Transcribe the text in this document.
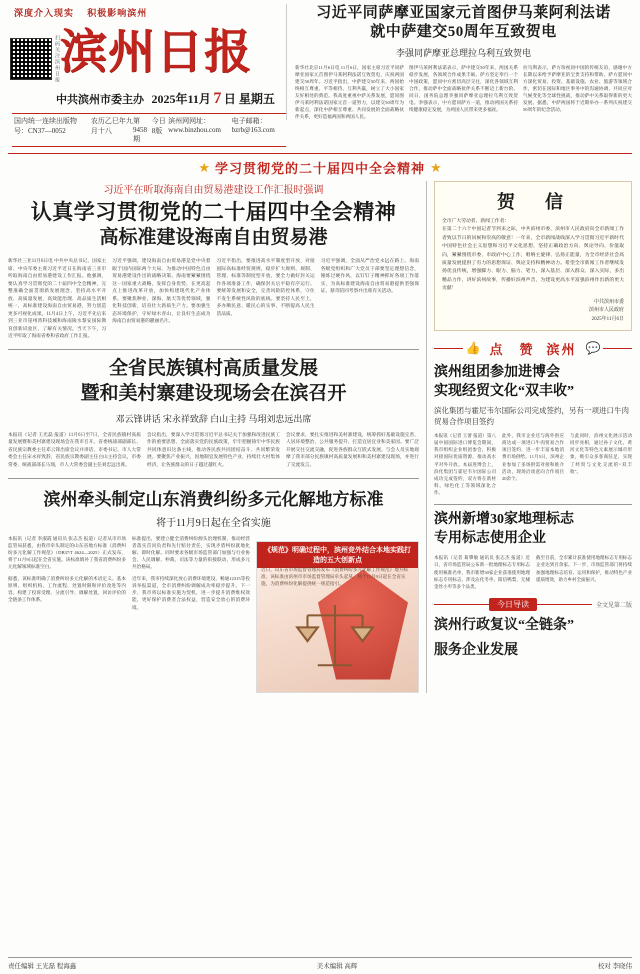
深度介入现实 积极影响滨州
扫码关注滨州日报 滨州日报
中共滨州市委主办 2025年11月 7 日 星期五
国内统一连续出版物号：CN37—0052
农历乙巳年九月十八
第9458期
今日8版
滨州网网址：www.binzhou.com
电子邮箱：bzrb@163.com
习近平同萨摩亚国家元首图伊马莱阿利法诺
就中萨建交50周年互致贺电
李强同萨摩亚总理拉乌利互致贺电
新华社北京11月6日电 11月6日，国家主席习近平同萨摩亚国家元首图伊马莱阿利法诺互致贺电，庆祝两国建交50周年。习近平指出，中萨建交50年来，两国始终相互尊重、平等相待、互利共赢，树立了大小国家友好相处的典范。我高度重视中萨关系发展，愿同图伊马莱阿利法诺国家元首一道努力，以建交50周年为新起点，深化中萨相互尊重、共同发展的全面战略伙伴关系，更好造福两国和两国人民。
图伊马莱阿利法诺表示，萨中建交50年来，两国关系稳步发展，各领域合作成果丰硕。萨方坚定奉行一个中国政策，愿同中方密切高层交往，深化各领域互利合作，推动萨中全面战略伙伴关系不断迈上新台阶。同日，国务院总理李强同萨摩亚总理拉乌利互致贺电。李强表示，中方愿同萨方一道，推动两国关系持续健康稳定发展，为两国人民带来更多福祉。
拉乌利表示，萨方珍视同中国的传统友谊，感谢中方长期以来给予萨摩亚的宝贵支持和帮助。萨方愿同中方深化贸易、投资、基础设施、农业、旅游等领域合作，密切在国际和地区事务中的沟通协调，共同应对气候变化等全球性挑战，推动萨中关系取得新的更大发展。据悉，中萨两国将于近期举办一系列庆祝建交50周年的纪念活动。
★ 学习贯彻党的二十届四中全会精神 ★
习近平在听取海南自由贸易港建设工作汇报时强调
认真学习贯彻党的二十届四中全会精神
高标准建设海南自由贸易港
新华社三亚11月6日电 中共中央总书记、国家主席、中央军委主席习近平近日在海南省三亚市听取海南自由贸易港建设工作汇报。他强调，要认真学习贯彻党的二十届四中全会精神，完整准确全面贯彻新发展理念，坚持高水平开放、高质量发展、高效能治理、高品质生活相统一，高标准建设海南自由贸易港，努力创造更多可视化成果。11月4日上午，习近平先后来到三亚市崖州湾科技城和海南陵水黎安国际教育创新试验区，了解有关情况。当天下午，习近平听取了海南省委和省政府工作汇报。
习近平强调，建设海南自由贸易港是党中央着眼于国内国际两个大局、为推动中国特色自由贸易港建设作出的战略决策。海南要紧紧围绕这一国家重大战略，发挥自身优势，在更高起点上推进改革开放，加快构建现代化产业体系。要聚焦种业、深海、航天等优势领域，强化科技创新，培育壮大新质生产力。要加强生态环境保护，守好绿水青山，让良好生态成为海南自由贸易港的靓丽名片。
习近平指出，要推进高水平制度型开放，对接国际高标准经贸规则，稳步扩大规则、规制、管理、标准等制度型开放。要全力做好封关运作各项准备工作，确保封关后平稳有序运行。要统筹发展和安全，完善风险防控体系，守住不发生系统性风险的底线。要坚持人民至上，多办顺民意、暖民心的实事，不断提高人民生活品质。
习近平强调，全面从严治党永远在路上。海南各级党组织和广大党员干部要坚定理想信念，锤炼过硬作风，以钉钉子精神抓好各项工作落实，为高标准建设海南自由贸易港提供坚强保证。蔡奇陪同考察并出席有关活动。
全省民族镇村高质量发展
暨和美村寨建设现场会在滨召开
邓云锋讲话 宋永祥致辞 白山主持 马珝刘忠远出席
本报讯（记者 王光磊 报道）11月6日至7日，全省民族镇村高质量发展暨和美村寨建设现场会在我市召开。省委统战部副部长、省民族宗教委主任邓云锋出席会议并讲话，市委书记、市人大常委会主任宋永祥致辞，省民族宗教委副主任白山主持会议，市委常委、统战部部长马珝，市人大常委会副主任刘忠远出席。
会议指出，要深入学习贯彻习近平总书记关于加强和改进民族工作的重要思想，全面落实党的民族政策，牢牢把握铸牢中华民族共同体意识这条主线，推动各民族共同团结奋斗、共同繁荣发展。要聚焦产业振兴，因地制宜发展特色产业，持续壮大村集体经济，让各族群众的日子越过越红火。
会议要求，要扎实推进和美村寨建设，统筹抓好基础设施完善、人居环境整治、公共服务提升，打造宜居宜业和美家园。要广泛开展交往交流交融，促进各族群众互嵌式发展。与会人员实地观摩了我市部分民族镇村高质量发展和和美村寨建设现场，并进行了交流发言。
滨州牵头制定山东消费纠纷多元化解地方标准
将于11月9日起在全省实施
本报讯（记者 李淑霞 通讯员 张志杰 报道）记者从市市场监管局获悉，由我市牵头制定的山东省地方标准《消费纠纷多元化解工作规范》（DB37/T 4624—2025）正式发布，将于11月9日起在全省实施。该标准填补了我省消费纠纷多元化解领域标准空白。
据悉，该标准明确了消费纠纷多元化解的术语定义、基本原则、组织机构、工作流程、处置时限和评价改进等内容，构建了投诉受理、分流引导、调解处置、回访评价的全链条工作体系。
标准提出，要建立健全消费纠纷源头治理机制，推动经营者落实首问负责和先行赔付责任，实现矛盾纠纷就地化解、即时化解。同时要求各级市场监管部门加强与行业协会、人民调解、仲裁、司法等力量的衔接联动，形成多元共治格局。
近年来，我市持续深化放心消费环境建设，畅通12315等投诉举报渠道，全市消费纠纷调解成功率稳步提升。下一步，我市将以标准实施为契机，进一步提升消费维权效能，更好保护消费者合法权益，营造安全放心的消费环境。
《规范》明确过程中，滨州竞外结合本地实践打造的五大创新点
近日，山东省市场监督管理局发布《消费纠纷多元化解工作规范》地方标准，该标准由滨州市市场监督管理局牵头起草，将于11月9日起在全省实施，为消费纠纷化解提供统一规范指引。
贺　信
全市广大劳动者、新闻工作者：
在第二十六个中国记者节到来之际，中共滨州市委、滨州市人民政府向全市新闻工作者致以节日的问候和崇高的敬意！一年来，全市新闻战线深入学习贯彻习近平新时代中国特色社会主义思想和习近平文化思想，坚持正确政治方向、舆论导向、价值取向，紧紧围绕市委、市政府中心工作，唱响主旋律、弘扬正能量，为全市经济社会高质量发展提供了有力的思想保证、舆论支持和精神动力。希望全市新闻工作者继续发扬优良传统，增强脚力、眼力、脑力、笔力，深入基层、深入群众、深入实际，多出精品力作，讲好滨州故事，传播好滨州声音，为建设更高水平富强滨州作出新的更大贡献！
中共滨州市委
滨州市人民政府
2025年11月6日
👍 点　赞 滨州 💬
滨州组团参加进博会
实现经贸文化“双丰收”
滨化集团与霍尼韦尔国际公司完成签约，另有一项进口牛肉贸易合作项目签约
本报讯（记者 王蕾 报道）第八届中国国际进口博览会期间，我市组织企业组团参会，积极对接国际优质资源，推动高水平对外开放。本届进博会上，滨化集团与霍尼韦尔国际公司成功完成签约，双方将在新材料、绿色化工等领域深化合作。
此外，我市企业还与海外供应商达成一项进口牛肉贸易合作项目签约，进一步丰富本地消费市场供给。11月5日，滨州企业参加了多场供需对接和推介活动，现场洽谈意向合作项目20余个。
与此同时，滨州文化展示活动同步亮相，通过孙子文化、黄河文化等特色元素展示城市形象，吸引众多客商驻足，实现了经贸与文化交流的“双丰收”。
滨州新增30家地理标志
专用标志使用企业
本报讯（记者 葛肇敏 通讯员 张志杰 报道）近日，省市场监管局公布新一批地理标志专用标志使用核准名单，我市新增30家企业获准使用地理标志专用标志，涉及沾化冬枣、阳信鸭梨、无棣金丝小枣等多个品类。
截至目前，全市累计获准使用地理标志专用标志企业达到百余家。下一步，市场监管部门将持续加强地理标志培育、运用和保护，推动特色产业提质增效，助力乡村全面振兴。
今日导读	全文见第二版
滨州行政复议“全链条”
服务企业发展
责任编辑 王光磊 程海鑫	美术编辑 高辉	校对 李晓伟
